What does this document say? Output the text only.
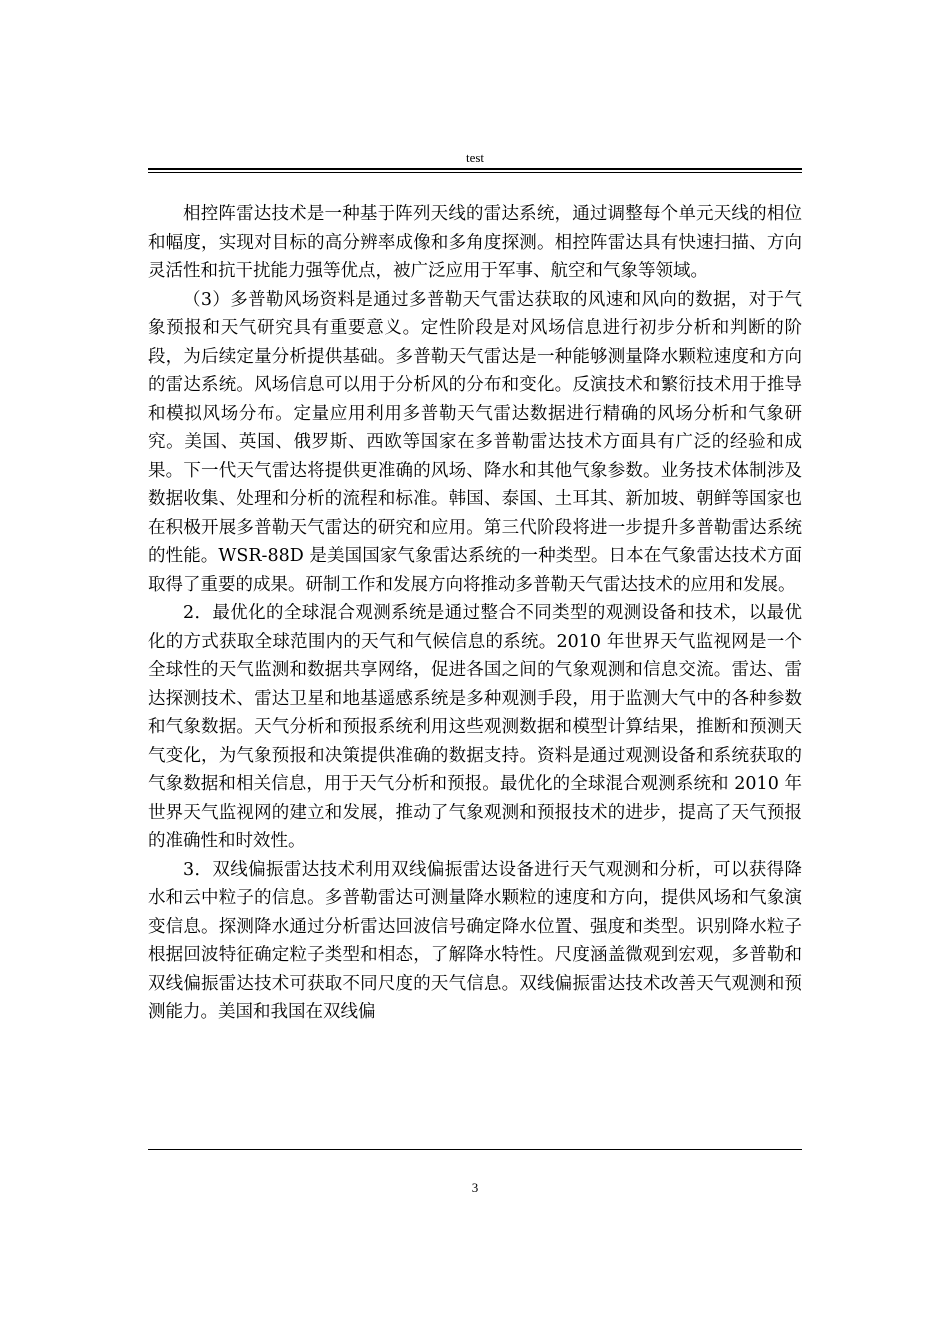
test

相控阵雷达技术是一种基于阵列天线的雷达系统，通过调整每个单元天线的相位和幅度，实现对目标的高分辨率成像和多角度探测。相控阵雷达具有快速扫描、方向灵活性和抗干扰能力强等优点，被广泛应用于军事、航空和气象等领域。

（3）多普勒风场资料是通过多普勒天气雷达获取的风速和风向的数据，对于气象预报和天气研究具有重要意义。定性阶段是对风场信息进行初步分析和判断的阶段，为后续定量分析提供基础。多普勒天气雷达是一种能够测量降水颗粒速度和方向的雷达系统。风场信息可以用于分析风的分布和变化。反演技术和繁衍技术用于推导和模拟风场分布。定量应用利用多普勒天气雷达数据进行精确的风场分析和气象研究。美国、英国、俄罗斯、西欧等国家在多普勒雷达技术方面具有广泛的经验和成果。下一代天气雷达将提供更准确的风场、降水和其他气象参数。业务技术体制涉及数据收集、处理和分析的流程和标准。韩国、泰国、土耳其、新加坡、朝鲜等国家也在积极开展多普勒天气雷达的研究和应用。第三代阶段将进一步提升多普勒雷达系统的性能。WSR-88D 是美国国家气象雷达系统的一种类型。日本在气象雷达技术方面取得了重要的成果。研制工作和发展方向将推动多普勒天气雷达技术的应用和发展。

2．最优化的全球混合观测系统是通过整合不同类型的观测设备和技术，以最优化的方式获取全球范围内的天气和气候信息的系统。2010 年世界天气监视网是一个全球性的天气监测和数据共享网络，促进各国之间的气象观测和信息交流。雷达、雷达探测技术、雷达卫星和地基遥感系统是多种观测手段，用于监测大气中的各种参数和气象数据。天气分析和预报系统利用这些观测数据和模型计算结果，推断和预测天气变化，为气象预报和决策提供准确的数据支持。资料是通过观测设备和系统获取的气象数据和相关信息，用于天气分析和预报。最优化的全球混合观测系统和 2010 年世界天气监视网的建立和发展，推动了气象观测和预报技术的进步，提高了天气预报的准确性和时效性。

3．双线偏振雷达技术利用双线偏振雷达设备进行天气观测和分析，可以获得降水和云中粒子的信息。多普勒雷达可测量降水颗粒的速度和方向，提供风场和气象演变信息。探测降水通过分析雷达回波信号确定降水位置、强度和类型。识别降水粒子根据回波特征确定粒子类型和相态，了解降水特性。尺度涵盖微观到宏观，多普勒和双线偏振雷达技术可获取不同尺度的天气信息。双线偏振雷达技术改善天气观测和预测能力。美国和我国在双线偏

3
